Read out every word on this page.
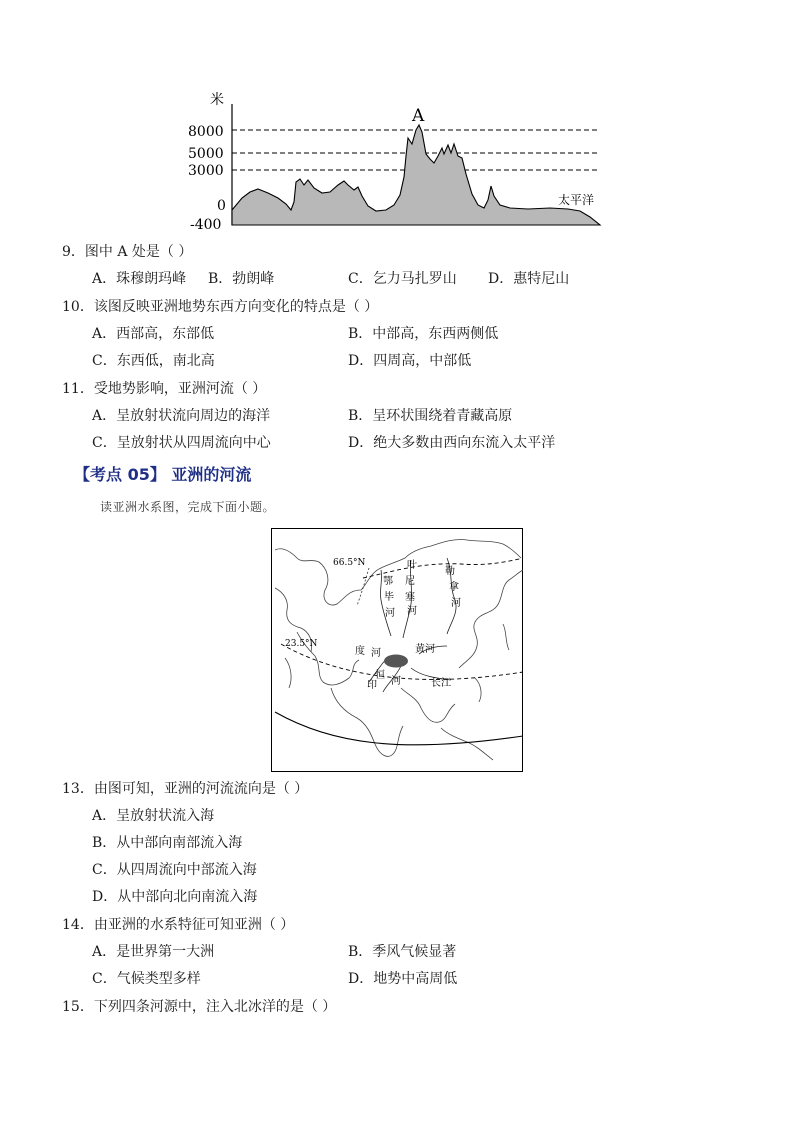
米
8000
5000
3000
0
-400
A
太平洋
9．图中 A 处是（ ）
A．珠穆朗玛峰 B．勃朗峰	C．乞力马扎罗山 D．惠特尼山
10．该图反映亚洲地势东西方向变化的特点是（ ）
A．西部高，东部低	B．中部高，东西两侧低
C．东西低，南北高	D．四周高，中部低
11．受地势影响，亚洲河流（ ）
A．呈放射状流向周边的海洋	B．呈环状围绕着青藏高原
C．呈放射状从四周流向中心	D．绝大多数由西向东流入太平洋
【考点 05】 亚洲的河流
读亚洲水系图，完成下面小题。
66.5°N
23.5°N
鄂
毕
河
叶
尼
塞
河
勒
拿
河
印
度 河
恒
河
黄河
长江
13．由图可知，亚洲的河流流向是（ ）
A．呈放射状流入海
B．从中部向南部流入海
C．从四周流向中部流入海
D．从中部向北向南流入海
14．由亚洲的水系特征可知亚洲（ ）
A．是世界第一大洲	B．季风气候显著
C．气候类型多样	D．地势中高周低
15．下列四条河源中，注入北冰洋的是（ ）
